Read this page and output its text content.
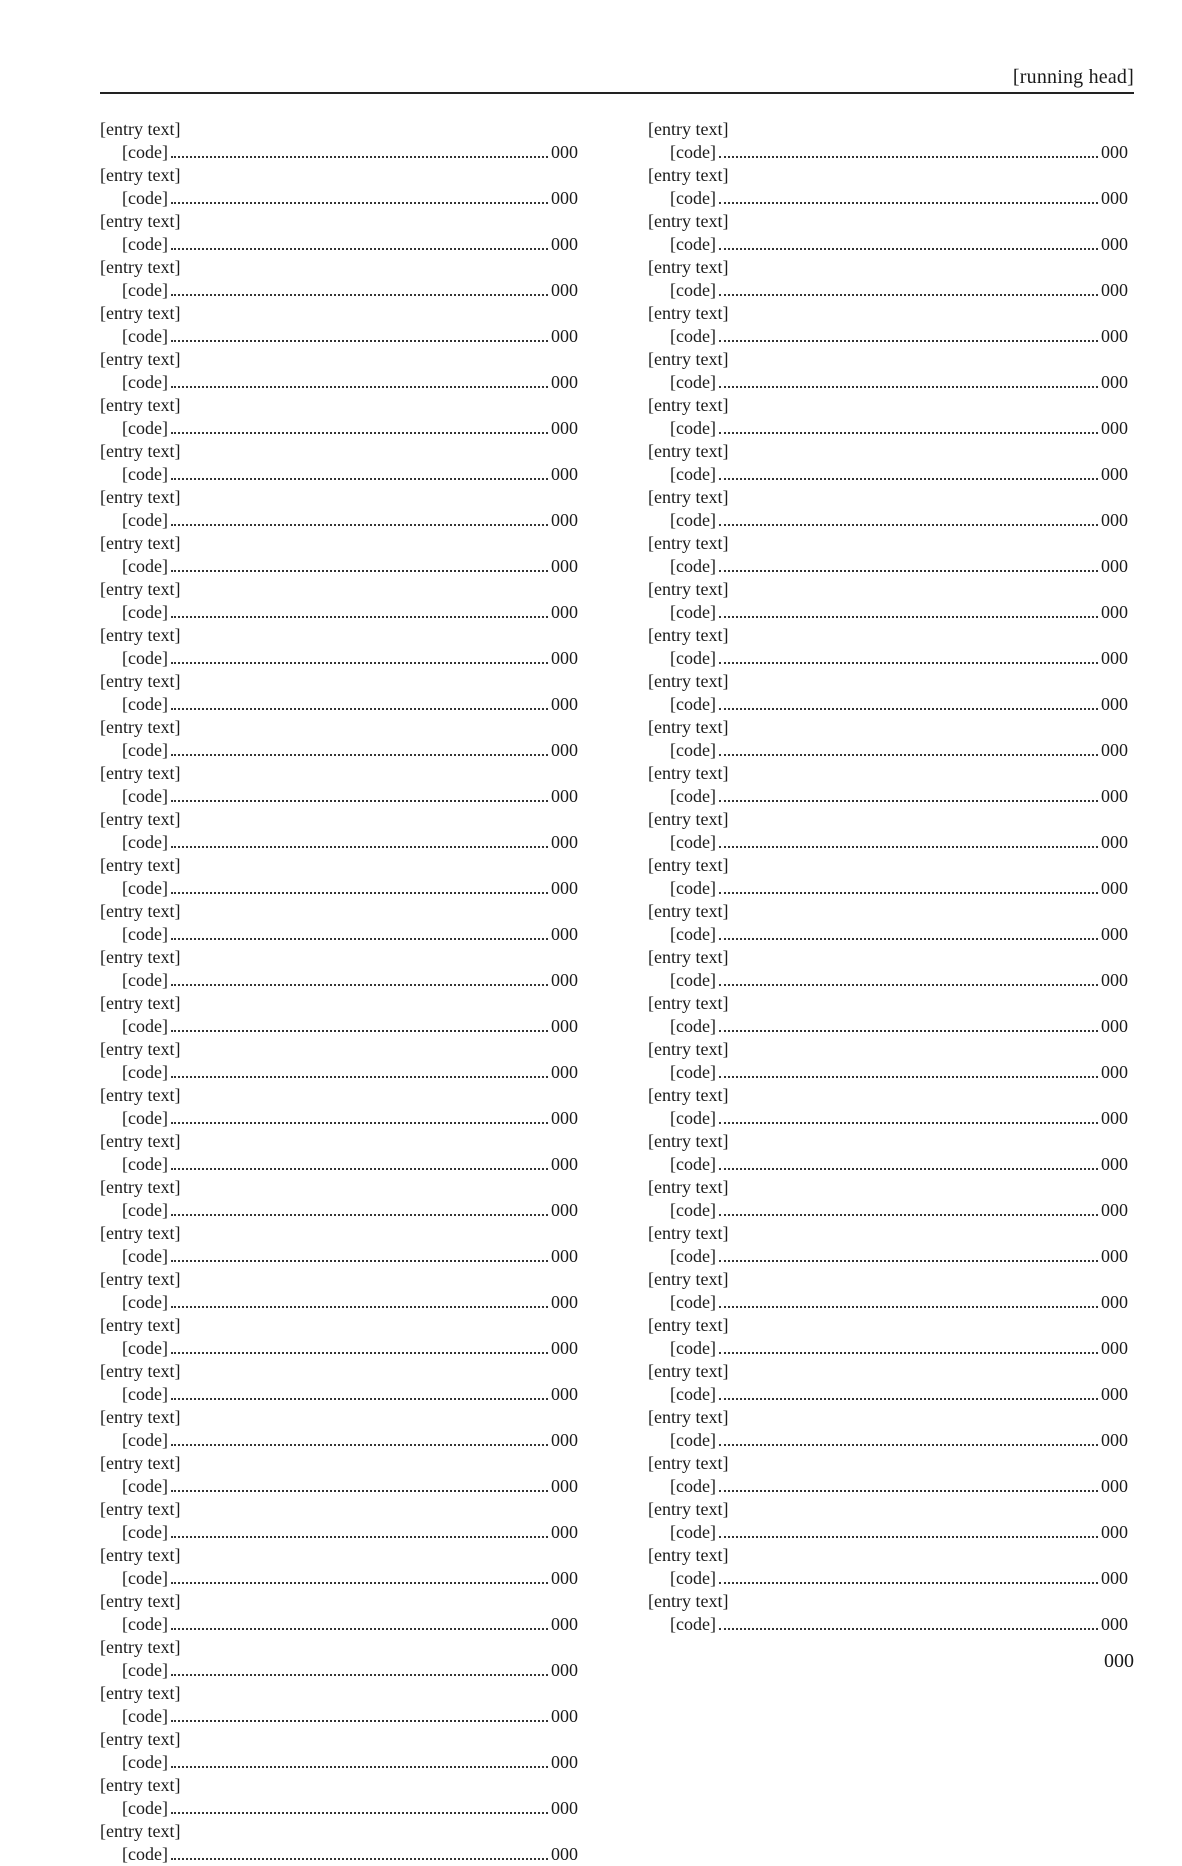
[running head]

[entry text]
[code]	000

[entry text]
[code]	000

[entry text]
[code]	000

[entry text]
[code]	000

[entry text]
[code]	000

[entry text]
[code]	000

[entry text]
[code]	000

[entry text]
[code]	000

[entry text]
[code]	000

[entry text]
[code]	000

[entry text]
[code]	000

[entry text]
[code]	000

[entry text]
[code]	000

[entry text]
[code]	000

[entry text]
[code]	000

[entry text]
[code]	000

[entry text]
[code]	000

[entry text]
[code]	000

[entry text]
[code]	000

[entry text]
[code]	000

[entry text]
[code]	000

[entry text]
[code]	000

[entry text]
[code]	000

[entry text]
[code]	000

[entry text]
[code]	000

[entry text]
[code]	000

[entry text]
[code]	000

[entry text]
[code]	000

[entry text]
[code]	000

[entry text]
[code]	000

[entry text]
[code]	000

[entry text]
[code]	000

[entry text]
[code]	000

[entry text]
[code]	000

[entry text]
[code]	000

[entry text]
[code]	000

[entry text]
[code]	000

[entry text]
[code]	000

[entry text]
[code]	000

[entry text]
[code]	000

[entry text]
[code]	000

[entry text]
[code]	000

[entry text]
[code]	000

[entry text]
[code]	000

[entry text]
[code]	000

[entry text]
[code]	000

[entry text]
[code]	000

[entry text]
[code]	000

[entry text]
[code]	000

[entry text]
[code]	000

[entry text]
[code]	000

[entry text]
[code]	000

[entry text]
[code]	000

[entry text]
[code]	000

[entry text]
[code]	000

[entry text]
[code]	000

[entry text]
[code]	000

[entry text]
[code]	000

[entry text]
[code]	000

[entry text]
[code]	000

[entry text]
[code]	000

[entry text]
[code]	000

[entry text]
[code]	000

[entry text]
[code]	000

[entry text]
[code]	000

[entry text]
[code]	000

[entry text]
[code]	000

[entry text]
[code]	000

[entry text]
[code]	000

[entry text]
[code]	000

[entry text]
[code]	000

000
